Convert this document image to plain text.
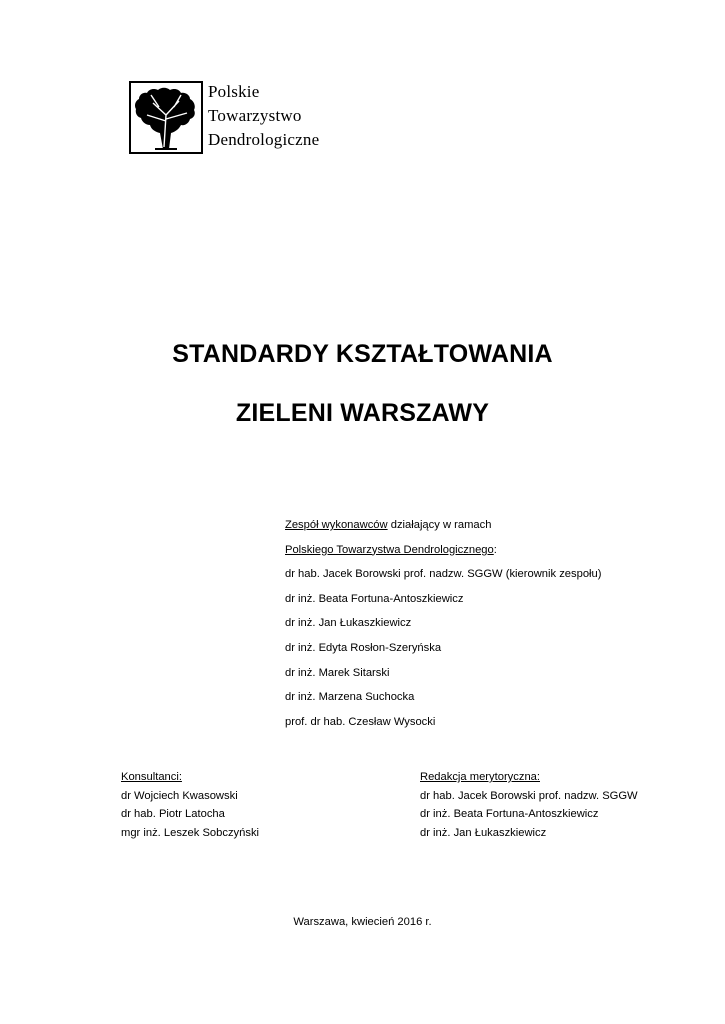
Polskie
Towarzystwo
Dendrologiczne
STANDARDY KSZTAŁTOWANIA
ZIELENI WARSZAWY
Zespół wykonawców działający w ramach
Polskiego Towarzystwa Dendrologicznego:
dr hab. Jacek Borowski prof. nadzw. SGGW (kierownik zespołu)
dr inż. Beata Fortuna-Antoszkiewicz
dr inż. Jan Łukaszkiewicz
dr inż. Edyta Rosłon-Szeryńska
dr inż. Marek Sitarski
dr inż. Marzena Suchocka
prof. dr hab. Czesław Wysocki
Konsultanci:
dr Wojciech Kwasowski
dr hab. Piotr Latocha
mgr inż. Leszek Sobczyński
Redakcja merytoryczna:
dr hab. Jacek Borowski prof. nadzw. SGGW
dr inż. Beata Fortuna-Antoszkiewicz
dr inż. Jan Łukaszkiewicz
Warszawa, kwiecień 2016 r.
